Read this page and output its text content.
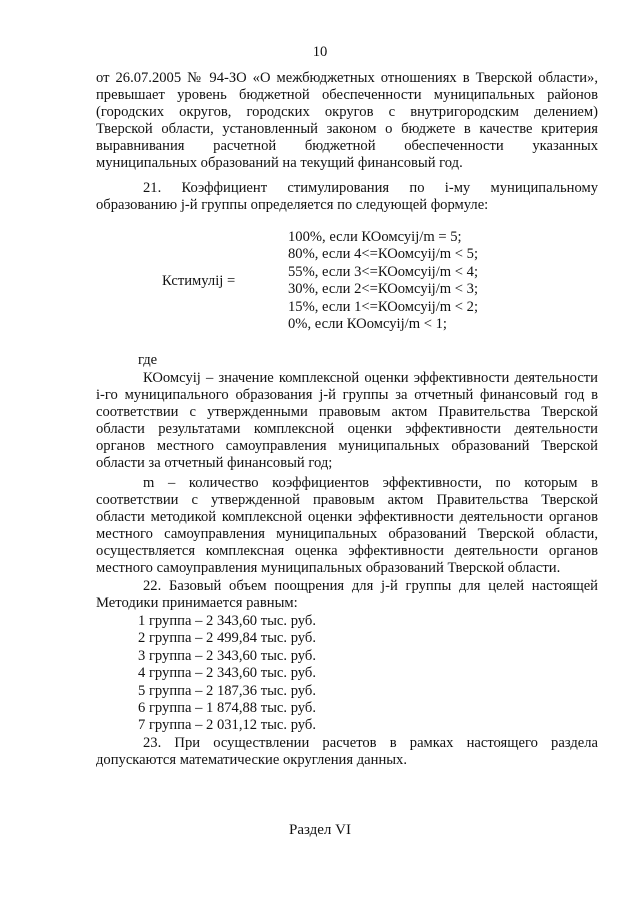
10
от 26.07.2005 № 94-ЗО «О межбюджетных отношениях в Тверской области»,
превышает уровень бюджетной обеспеченности муниципальных районов
(городских округов, городских округов с внутригородским делением)
Тверской области, установленный законом о бюджете в качестве критерия
выравнивания расчетной бюджетной обеспеченности указанных
муниципальных образований на текущий финансовый год.
21. Коэффициент стимулирования по i-му муниципальному
образованию j-й группы определяется по следующей формуле:
Кстимулij =
100%, если КОомсуij/m = 5;
80%, если 4<=КОомсуij/m < 5;
55%, если 3<=КОомсуij/m < 4;
30%, если 2<=КОомсуij/m < 3;
15%, если 1<=КОомсуij/m < 2;
0%, если КОомсуij/m < 1;
где
КОомсуij – значение комплексной оценки эффективности деятельности
i-го муниципального образования j-й группы за отчетный финансовый год в
соответствии с утвержденными правовым актом Правительства Тверской
области результатами комплексной оценки эффективности деятельности
органов местного самоуправления муниципальных образований Тверской
области за отчетный финансовый год;
m – количество коэффициентов эффективности, по которым в
соответствии с утвержденной правовым актом Правительства Тверской
области методикой комплексной оценки эффективности деятельности органов
местного самоуправления муниципальных образований Тверской области,
осуществляется комплексная оценка эффективности деятельности органов
местного самоуправления муниципальных образований Тверской области.
22. Базовый объем поощрения для j-й группы для целей настоящей
Методики принимается равным:
1 группа – 2 343,60 тыс. руб.
2 группа – 2 499,84 тыс. руб.
3 группа – 2 343,60 тыс. руб.
4 группа – 2 343,60 тыс. руб.
5 группа – 2 187,36 тыс. руб.
6 группа – 1 874,88 тыс. руб.
7 группа – 2 031,12 тыс. руб.
23. При осуществлении расчетов в рамках настоящего раздела
допускаются математические округления данных.
Раздел VI
